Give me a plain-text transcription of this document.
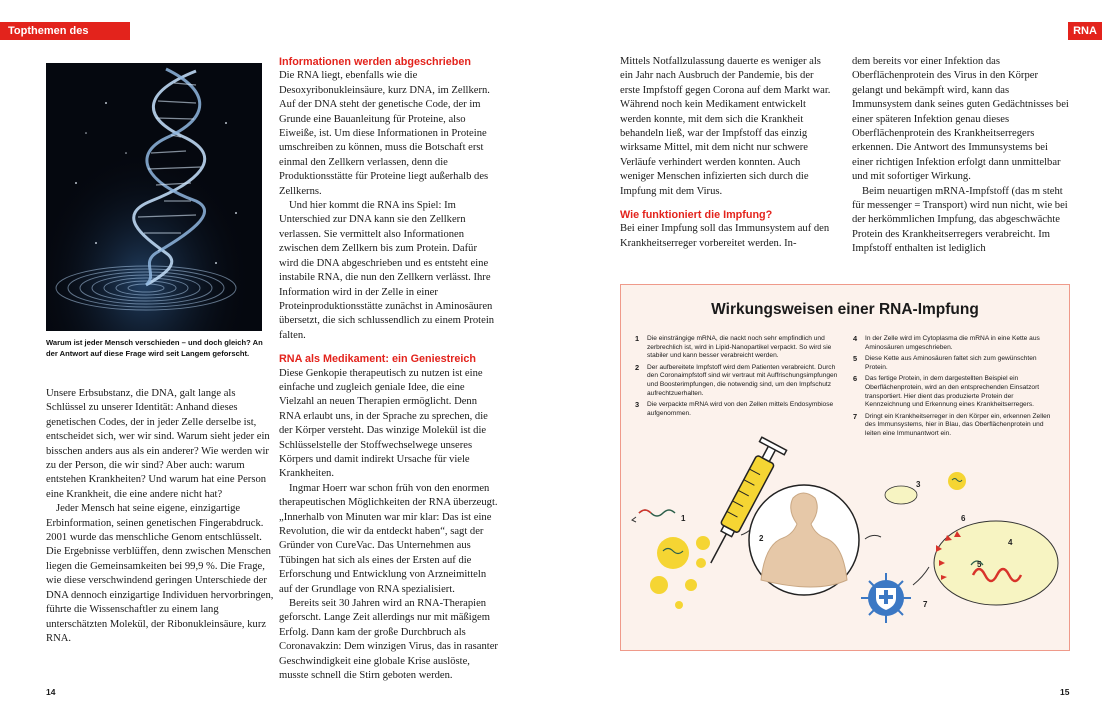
Topthemen des Jahres
RNA
Warum ist jeder Mensch verschieden – und doch gleich? An der Antwort auf diese Frage wird seit Langem geforscht.

Unsere Erbsubstanz, die DNA, galt lange als Schlüssel zu unserer Identität: Anhand dieses genetischen Codes, der in jeder Zelle derselbe ist, entscheidet sich, wer wir sind. Warum sieht jeder ein bisschen anders aus als ein anderer? Wie werden wir zu der Person, die wir sind? Aber auch: warum entstehen Krankheiten? Und warum hat eine Person eine Krankheit, die eine andere nicht hat?

Jeder Mensch hat seine eigene, einzigartige Erbinformation, seinen genetischen Fingerabdruck. 2001 wurde das menschliche Genom entschlüsselt. Die Ergebnisse verblüffen, denn zwischen Menschen liegen die Gemeinsamkeiten bei 99,9 %. Die Frage, wie diese verschwindend geringen Unterschiede der DNA dennoch einzigartige Individuen hervorbringen, führte die Wissenschaftler zu einem lang unterschätzten Molekül, der Ribonukleinsäure, kurz RNA.

Informationen werden abgeschrieben

Die RNA liegt, ebenfalls wie die Desoxyribonukleinsäure, kurz DNA, im Zellkern. Auf der DNA steht der genetische Code, der im Grunde eine Bauanleitung für Proteine, also Eiweiße, ist. Um diese Informationen in Proteine umschreiben zu können, muss die Botschaft erst einmal den Zellkern verlassen, denn die Produktionsstätte für Proteine liegt außerhalb des Zellkerns.

Und hier kommt die RNA ins Spiel: Im Unterschied zur DNA kann sie den Zellkern verlassen. Sie vermittelt also Informationen zwischen dem Zellkern bis zum Protein. Dafür wird die DNA abgeschrieben und es entsteht eine instabile RNA, die nun den Zellkern verlässt. Ihre Information wird in der Zelle in einer Proteinproduktionsstätte zunächst in Aminosäuren übersetzt, die sich schlussendlich zu einem Protein falten.

RNA als Medikament: ein Geniestreich

Diese Genkopie therapeutisch zu nutzen ist eine einfache und zugleich geniale Idee, die eine Vielzahl an neuen Therapien ermöglicht. Denn RNA erlaubt uns, in der Sprache zu sprechen, die der Körper versteht. Das winzige Molekül ist die Schlüsselstelle der Stoffwechselwege unseres Körpers und damit indirekt Ursache für viele Krankheiten.

Ingmar Hoerr war schon früh von den enormen therapeutischen Möglichkeiten der RNA überzeugt. „Innerhalb von Minuten war mir klar: Das ist eine Revolution, die wir da entdeckt haben“, sagt der Gründer von CureVac. Das Unternehmen aus Tübingen hat sich als eines der Ersten auf die Erforschung und Entwicklung von Arzneimitteln auf der Grundlage von RNA spezialisiert.

Bereits seit 30 Jahren wird an RNA-Therapien geforscht. Lange Zeit allerdings nur mit mäßigem Erfolg. Dann kam der große Durchbruch als Coronavakzin: Dem winzigen Virus, das in rasanter Geschwindigkeit eine globale Krise auslöste, musste schnell die Stirn geboten werden.

Mittels Notfallzulassung dauerte es weniger als ein Jahr nach Ausbruch der Pandemie, bis der erste Impfstoff gegen Corona auf dem Markt war. Während noch kein Medikament entwickelt werden konnte, mit dem sich die Krankheit behandeln ließ, war der Impfstoff das einzig wirksame Mittel, mit dem nicht nur schwere Verläufe verhindert werden konnten. Auch weniger Menschen infizierten sich durch die Impfung mit dem Virus.

Wie funktioniert die Impfung?

Bei einer Impfung soll das Immunsystem auf den Krankheitserreger vorbereitet werden. In-

dem bereits vor einer Infektion das Oberflächenprotein des Virus in den Körper gelangt und bekämpft wird, kann das Immunsystem dank seines guten Gedächtnisses bei einer späteren Infektion genau dieses Oberflächenprotein des Krankheitserregers erkennen. Die Antwort des Immunsystems bei einer richtigen Infektion erfolgt dann unmittelbar und mit sofortiger Wirkung.

Beim neuartigen mRNA-Impfstoff (das m steht für messenger = Transport) wird nun nicht, wie bei der herkömmlichen Impfung, das abgeschwächte Protein des Krankheitserregers verabreicht. Im Impfstoff enthalten ist lediglich

Wirkungsweisen einer RNA-Impfung
1 Die einsträngige mRNA, die nackt noch sehr empfindlich und zerbrechlich ist, wird in Lipid-Nanopartikel verpackt. So wird sie stabiler und kann besser verabreicht werden.
2 Der aufbereitete Impfstoff wird dem Patienten verabreicht. Durch den Coronaimpfstoff sind wir vertraut mit Auffrischungsimpfungen und Boosterimpfungen, die notwendig sind, um den Impfschutz aufrechtzuerhalten.
3 Die verpackte mRNA wird von den Zellen mittels Endosymbiose aufgenommen.
4 In der Zelle wird im Cytoplasma die mRNA in eine Kette aus Aminosäuren umgeschrieben.
5 Diese Kette aus Aminosäuren faltet sich zum gewünschten Protein.
6 Das fertige Protein, in dem dargestellten Beispiel ein Oberflächenprotein, wird an den entsprechenden Einsatzort transportiert. Hier dient das produzierte Protein der Kennzeichnung und Erkennung eines Krankheitserregers.
7 Dringt ein Krankheitserreger in den Körper ein, erkennen Zellen des Immunsystems, hier in Blau, das Oberflächenprotein und leiten eine Immunantwort ein.
1
2
3
4
5
6
7
14	15
